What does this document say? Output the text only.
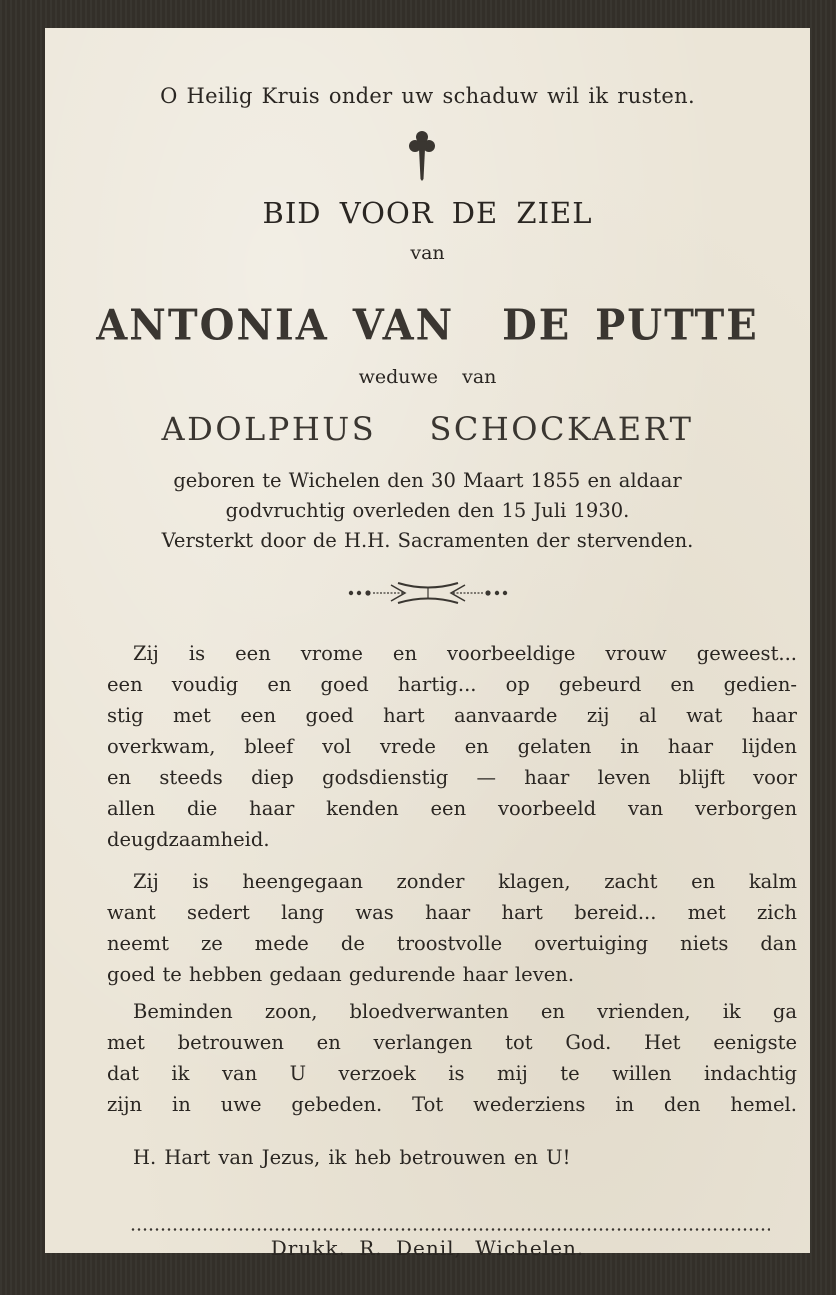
O Heilig Kruis onder uw schaduw wil ik rusten.
BID VOOR DE ZIEL
van
ANTONIA VAN  DE PUTTE
weduwe  van
ADOLPHUS  SCHOCKAERT
geboren te Wichelen den 30 Maart 1855 en aldaar
godvruchtig overleden den 15 Juli 1930.
Versterkt door de H.H. Sacramenten der stervenden.
Zij is een vrome en voorbeeldige vrouw geweest...
een voudig en goed hartig... op gebeurd en gedien-
stig met een goed hart aanvaarde zij al wat haar
overkwam, bleef vol vrede en gelaten in haar lijden
en steeds diep godsdienstig — haar leven blijft voor
allen die haar kenden een voorbeeld van verborgen
deugdzaamheid.
Zij is heengegaan zonder klagen, zacht en kalm
want sedert lang was haar hart bereid... met zich
neemt ze mede de troostvolle overtuiging niets dan
goed te hebben gedaan gedurende haar leven.
Beminden zoon, bloedverwanten en vrienden, ik ga
met betrouwen en verlangen tot God. Het eenigste
dat ik van U verzoek is mij te willen indachtig
zijn in uwe gebeden. Tot wederziens in den hemel.
H. Hart van Jezus, ik heb betrouwen en U!
Drukk. R. Denil, Wichelen.
